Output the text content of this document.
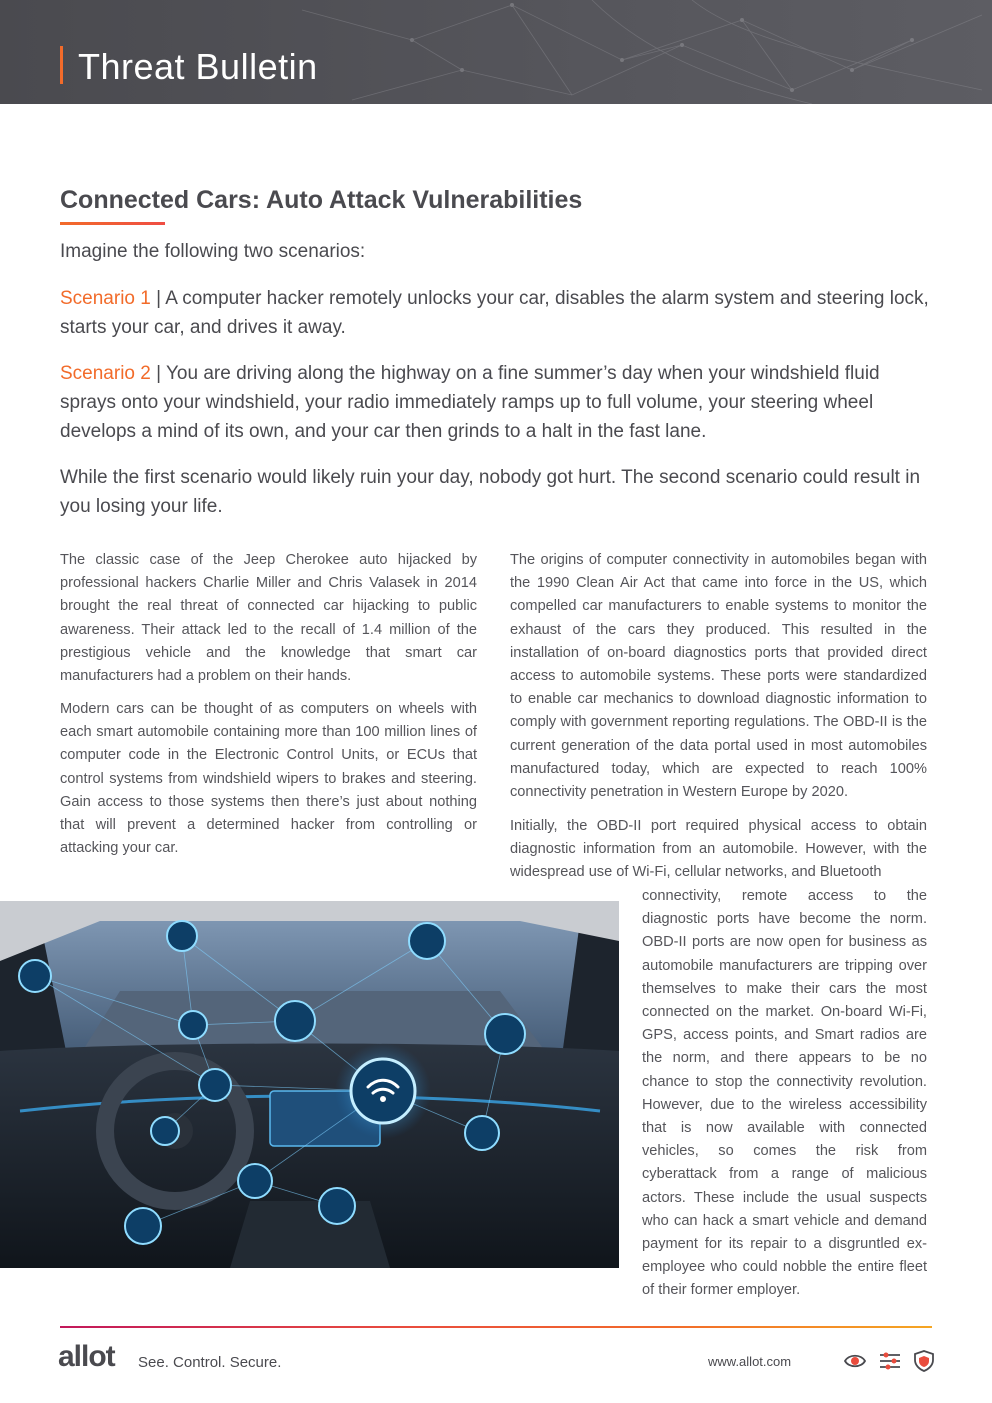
Threat Bulletin
Connected Cars: Auto Attack Vulnerabilities

Imagine the following two scenarios:

Scenario 1 | A computer hacker remotely unlocks your car, disables the alarm system and steering lock, starts your car, and drives it away.

Scenario 2 | You are driving along the highway on a fine summer’s day when your windshield fluid sprays onto your windshield, your radio immediately ramps up to full volume, your steering wheel develops a mind of its own, and your car then grinds to a halt in the fast lane.

While the first scenario would likely ruin your day, nobody got hurt. The second scenario could result in you losing your life.

The classic case of the Jeep Cherokee auto hijacked by professional hackers Charlie Miller and Chris Valasek in 2014 brought the real threat of connected car hijacking to public awareness. Their attack led to the recall of 1.4 million of the prestigious vehicle and the knowledge that smart car manufacturers had a problem on their hands.

Modern cars can be thought of as computers on wheels with each smart automobile containing more than 100 million lines of computer code in the Electronic Control Units, or ECUs that control systems from windshield wipers to brakes and steering. Gain access to those systems then there’s just about nothing that will prevent a determined hacker from controlling or attacking your car.

The origins of computer connectivity in automobiles began with the 1990 Clean Air Act that came into force in the US, which compelled car manufacturers to enable systems to monitor the exhaust of the cars they produced. This resulted in the installation of on-board diagnostics ports that provided direct access to automobile systems. These ports were standardized to enable car mechanics to download diagnostic information to comply with government reporting regulations. The OBD-II is the current generation of the data portal used in most automobiles manufactured today, which are expected to reach 100% connectivity penetration in Western Europe by 2020.

Initially, the OBD-II port required physical access to obtain diagnostic information from an automobile. However, with the widespread use of Wi-Fi, cellular networks, and Bluetooth

connectivity, remote access to the diagnostic ports have become the norm. OBD-II ports are now open for business as automobile manufacturers are tripping over themselves to make their cars the most connected on the market. On-board Wi-Fi, GPS, access points, and Smart radios are the norm, and there appears to be no chance to stop the connectivity revolution. However, due to the wireless accessibility that is now available with connected vehicles, so comes the risk from cyberattack from a range of malicious actors. These include the usual suspects who can hack a smart vehicle and demand payment for its repair to a disgruntled ex-employee who could nobble the entire fleet of their former employer.

allot See. Control. Secure.	www.allot.com
